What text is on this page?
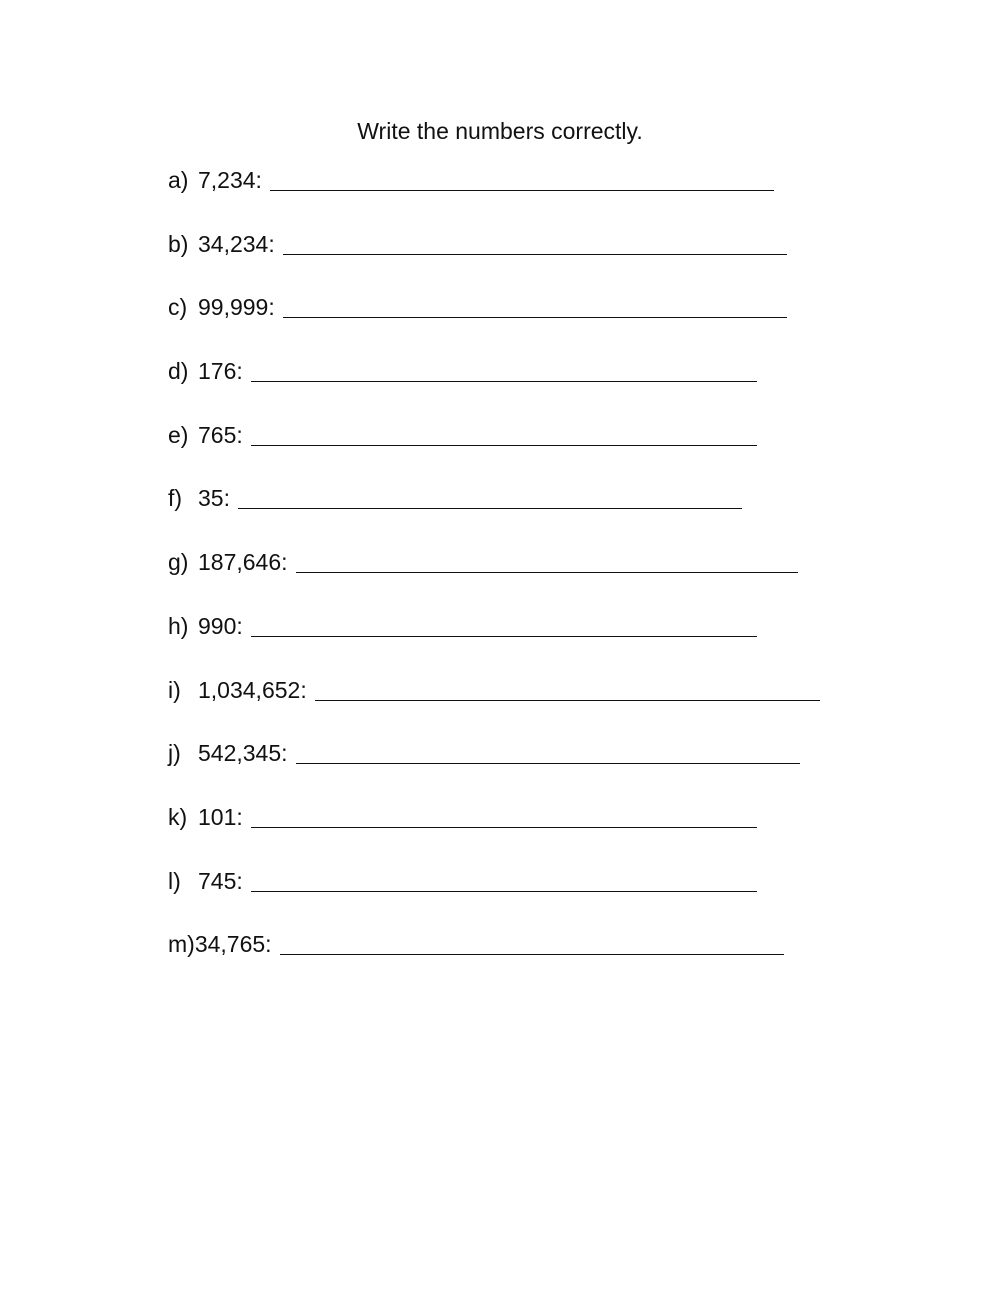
Write the numbers correctly.
a) 7,234:
b) 34,234:
c) 99,999:
d) 176:
e) 765:
f) 35:
g) 187,646:
h) 990:
i) 1,034,652:
j) 542,345:
k) 101:
l) 745:
m) 34,765:
